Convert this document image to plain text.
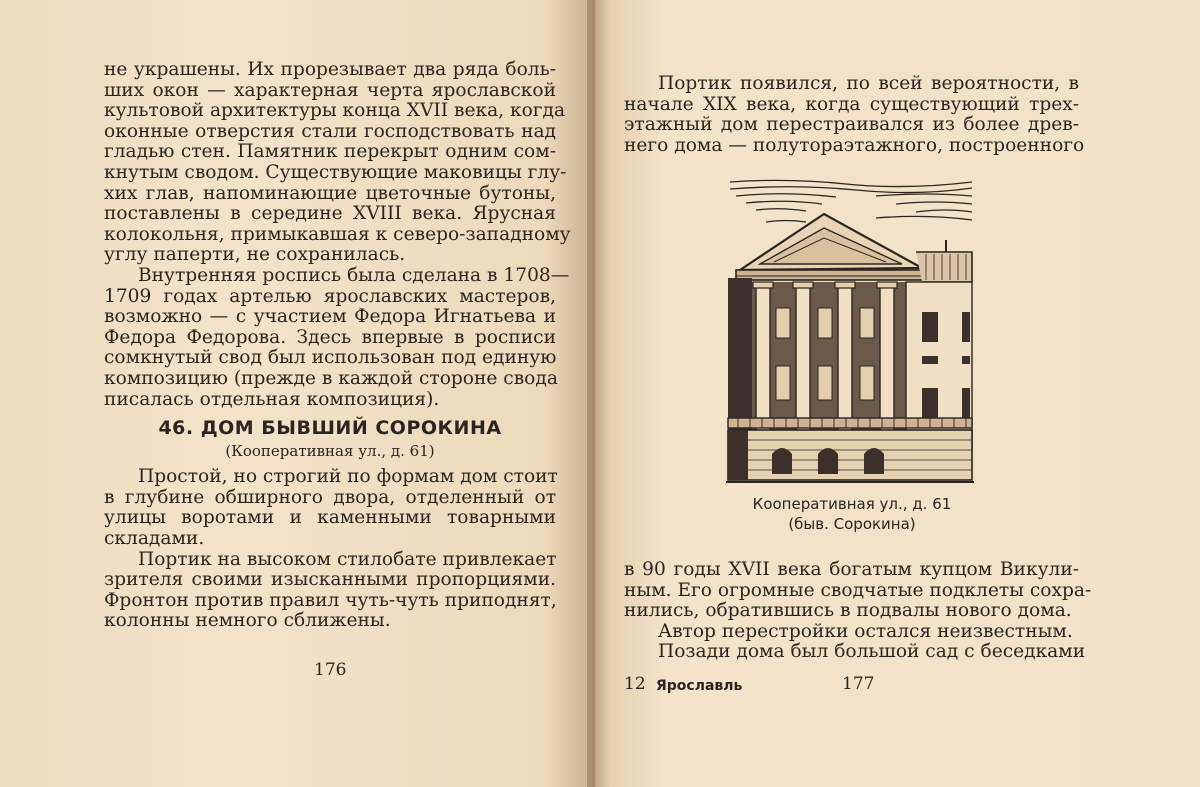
не украшены. Их прорезывает два ряда боль-
ших окон — характерная черта ярославской
культовой архитектуры конца XVII века, когда
оконные отверстия стали господствовать над
гладью стен. Памятник перекрыт одним сом-
кнутым сводом. Существующие маковицы глу-
хих глав, напоминающие цветочные бутоны,
поставлены в середине XVIII века. Ярусная
колокольня, примыкавшая к северо-западному
углу паперти, не сохранилась.

Внутренняя роспись была сделана в 1708—
1709 годах артелью ярославских мастеров,
возможно — с участием Федора Игнатьева и
Федора Федорова. Здесь впервые в росписи
сомкнутый свод был использован под единую
композицию (прежде в каждой стороне свода
писалась отдельная композиция).

46. ДОМ БЫВШИЙ СОРОКИНА
(Кооперативная ул., д. 61)

Простой, но строгий по формам дом стоит
в глубине обширного двора, отделенный от
улицы воротами и каменными товарными
складами.

Портик на высоком стилобате привлекает
зрителя своими изысканными пропорциями.
Фронтон против правил чуть-чуть приподнят,
колонны немного сближены.

176

Портик появился, по всей вероятности, в
начале XIX века, когда существующий трех-
этажный дом перестраивался из более древ-
него дома — полутораэтажного, построенного

Кооперативная ул., д. 61
(быв. Сорокина)

в 90 годы XVII века богатым купцом Викули-
ным. Его огромные сводчатые подклеты сохра-
нились, обратившись в подвалы нового дома.

Автор перестройки остался неизвестным.

Позади дома был большой сад с беседками

12 Ярославль	177
